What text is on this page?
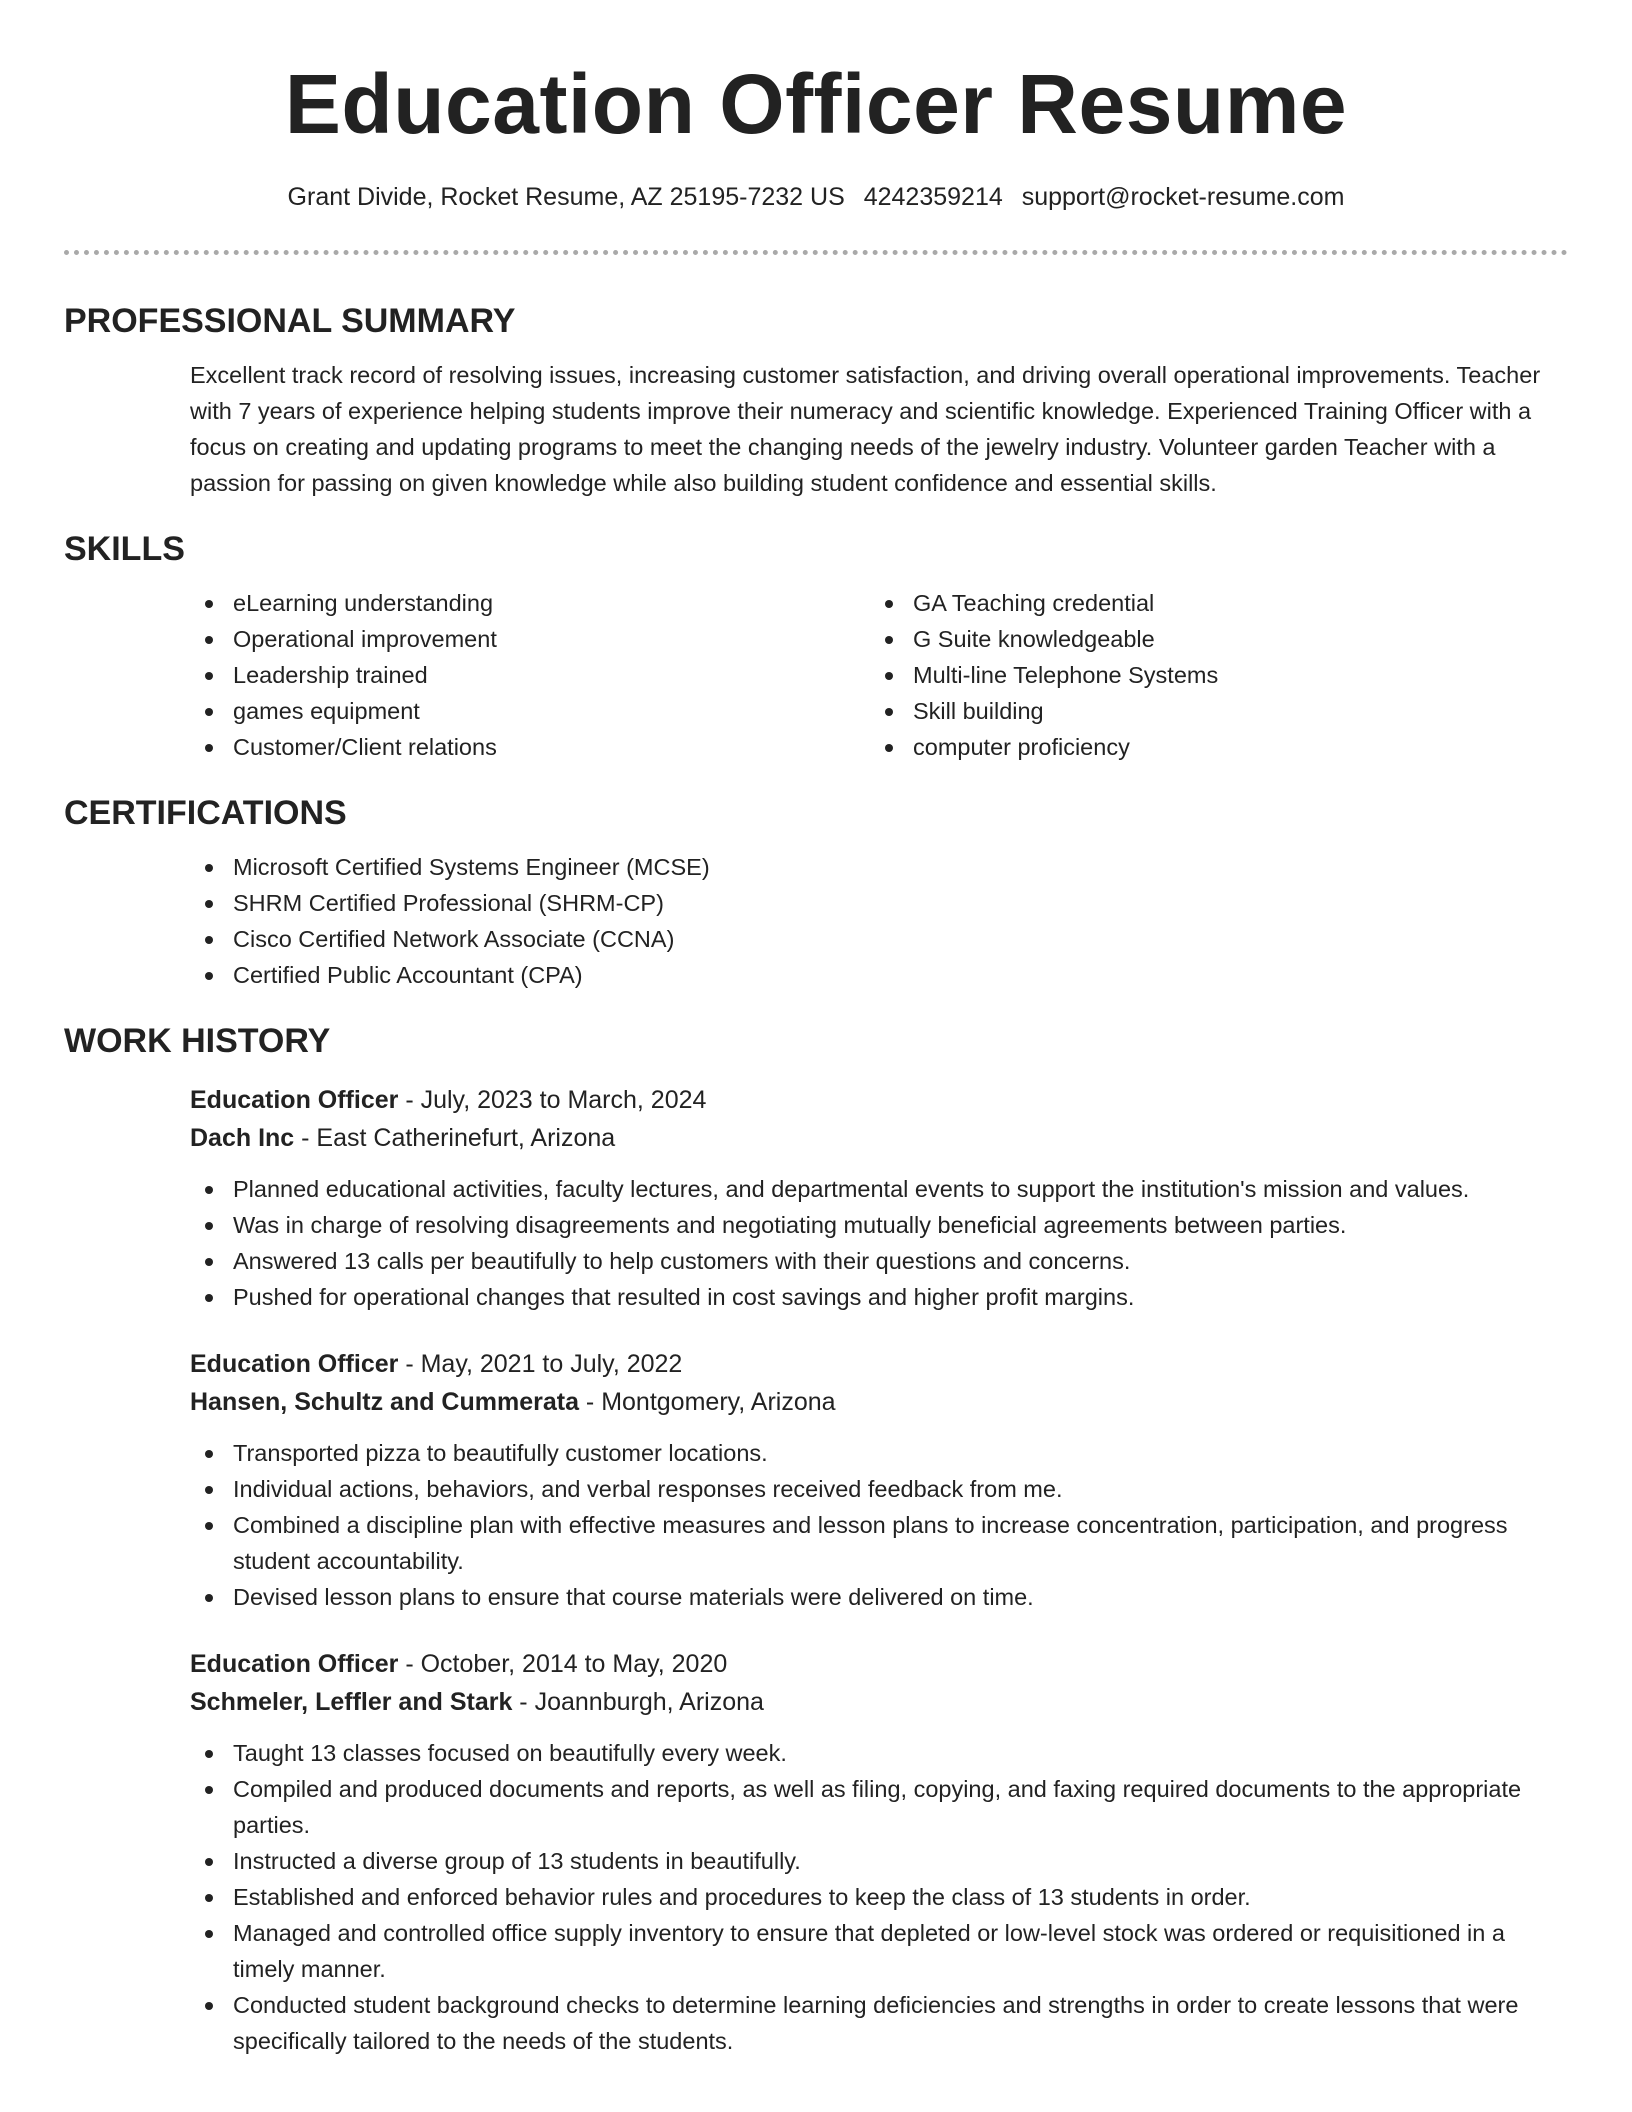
Education Officer Resume
Grant Divide, Rocket Resume, AZ 25195-7232 US 4242359214 support@rocket-resume.com
PROFESSIONAL SUMMARY

Excellent track record of resolving issues, increasing customer satisfaction, and driving overall operational improvements. Teacher with 7 years of experience helping students improve their numeracy and scientific knowledge. Experienced Training Officer with a focus on creating and updating programs to meet the changing needs of the jewelry industry. Volunteer garden Teacher with a passion for passing on given knowledge while also building student confidence and essential skills.

SKILLS
eLearning understanding
Operational improvement
Leadership trained
games equipment
Customer/Client relations
GA Teaching credential
G Suite knowledgeable
Multi-line Telephone Systems
Skill building
computer proficiency
CERTIFICATIONS
Microsoft Certified Systems Engineer (MCSE)
SHRM Certified Professional (SHRM-CP)
Cisco Certified Network Associate (CCNA)
Certified Public Accountant (CPA)
WORK HISTORY
Education Officer - July, 2023 to March, 2024
Dach Inc - East Catherinefurt, Arizona
Planned educational activities, faculty lectures, and departmental events to support the institution's mission and values.
Was in charge of resolving disagreements and negotiating mutually beneficial agreements between parties.
Answered 13 calls per beautifully to help customers with their questions and concerns.
Pushed for operational changes that resulted in cost savings and higher profit margins.
Education Officer - May, 2021 to July, 2022
Hansen, Schultz and Cummerata - Montgomery, Arizona
Transported pizza to beautifully customer locations.
Individual actions, behaviors, and verbal responses received feedback from me.
Combined a discipline plan with effective measures and lesson plans to increase concentration, participation, and progress student accountability.
Devised lesson plans to ensure that course materials were delivered on time.
Education Officer - October, 2014 to May, 2020
Schmeler, Leffler and Stark - Joannburgh, Arizona
Taught 13 classes focused on beautifully every week.
Compiled and produced documents and reports, as well as filing, copying, and faxing required documents to the appropriate parties.
Instructed a diverse group of 13 students in beautifully.
Established and enforced behavior rules and procedures to keep the class of 13 students in order.
Managed and controlled office supply inventory to ensure that depleted or low-level stock was ordered or requisitioned in a timely manner.
Conducted student background checks to determine learning deficiencies and strengths in order to create lessons that were specifically tailored to the needs of the students.
